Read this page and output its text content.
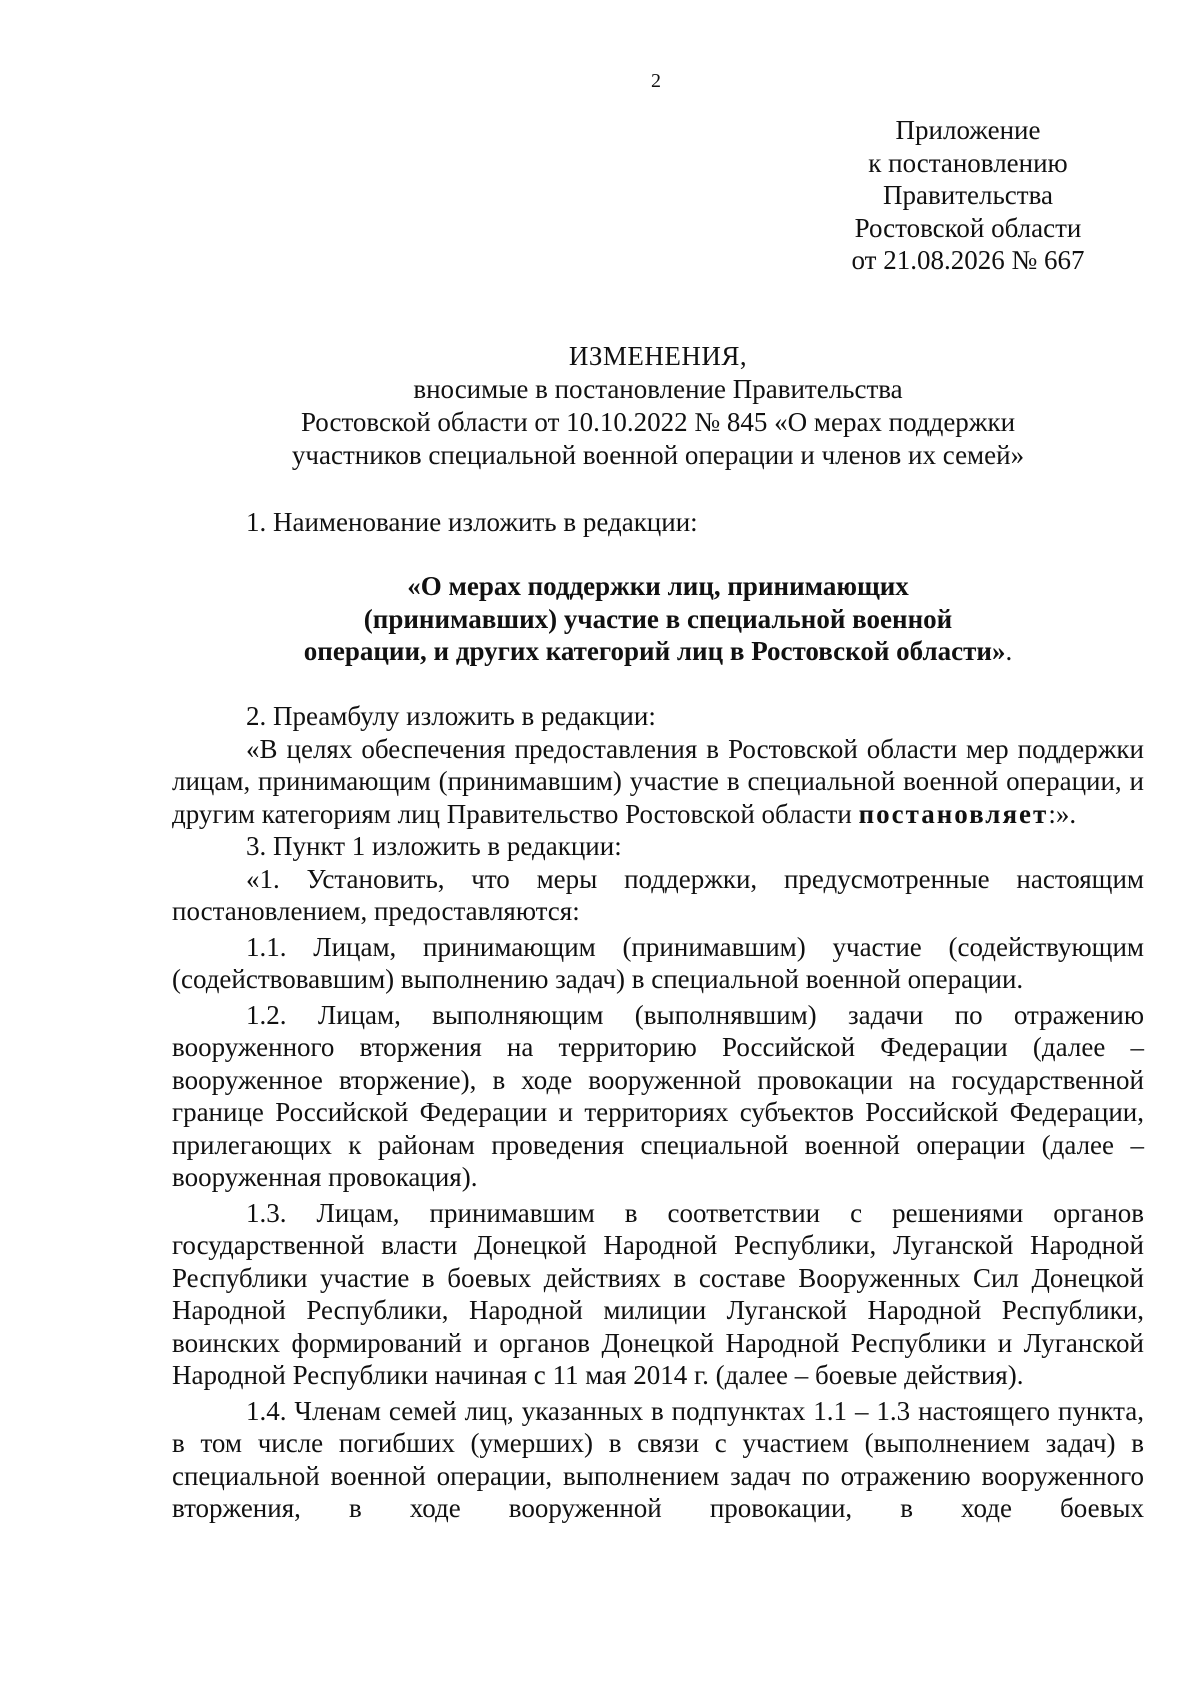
2
Приложение
к постановлению
Правительства
Ростовской области
от 21.08.2026 № 667
ИЗМЕНЕНИЯ,
вносимые в постановление Правительства
Ростовской области от 10.10.2022 № 845 «О мерах поддержки
участников специальной военной операции и членов их семей»
1. Наименование изложить в редакции:
«О мерах поддержки лиц, принимающих
(принимавших) участие в специальной военной
операции, и других категорий лиц в Ростовской области».
2. Преамбулу изложить в редакции:
«В целях обеспечения предоставления в Ростовской области мер поддержки лицам, принимающим (принимавшим) участие в специальной военной операции, и другим категориям лиц Правительство Ростовской области постановляет:».
3. Пункт 1 изложить в редакции:
«1. Установить, что меры поддержки, предусмотренные настоящим постановлением, предоставляются:
1.1. Лицам, принимающим (принимавшим) участие (содействующим (содействовавшим) выполнению задач) в специальной военной операции.
1.2. Лицам, выполняющим (выполнявшим) задачи по отражению вооруженного вторжения на территорию Российской Федерации (далее – вооруженное вторжение), в ходе вооруженной провокации на государственной границе Российской Федерации и территориях субъектов Российской Федерации, прилегающих к районам проведения специальной военной операции (далее – вооруженная провокация).
1.3. Лицам, принимавшим в соответствии с решениями органов государственной власти Донецкой Народной Республики, Луганской Народной Республики участие в боевых действиях в составе Вооруженных Сил Донецкой Народной Республики, Народной милиции Луганской Народной Республики, воинских формирований и органов Донецкой Народной Республики и Луганской Народной Республики начиная с 11 мая 2014 г. (далее – боевые действия).
1.4. Членам семей лиц, указанных в подпунктах 1.1 – 1.3 настоящего пункта, в том числе погибших (умерших) в связи с участием (выполнением задач) в специальной военной операции, выполнением задач по отражению вооруженного вторжения, в ходе вооруженной провокации, в ходе боевых
